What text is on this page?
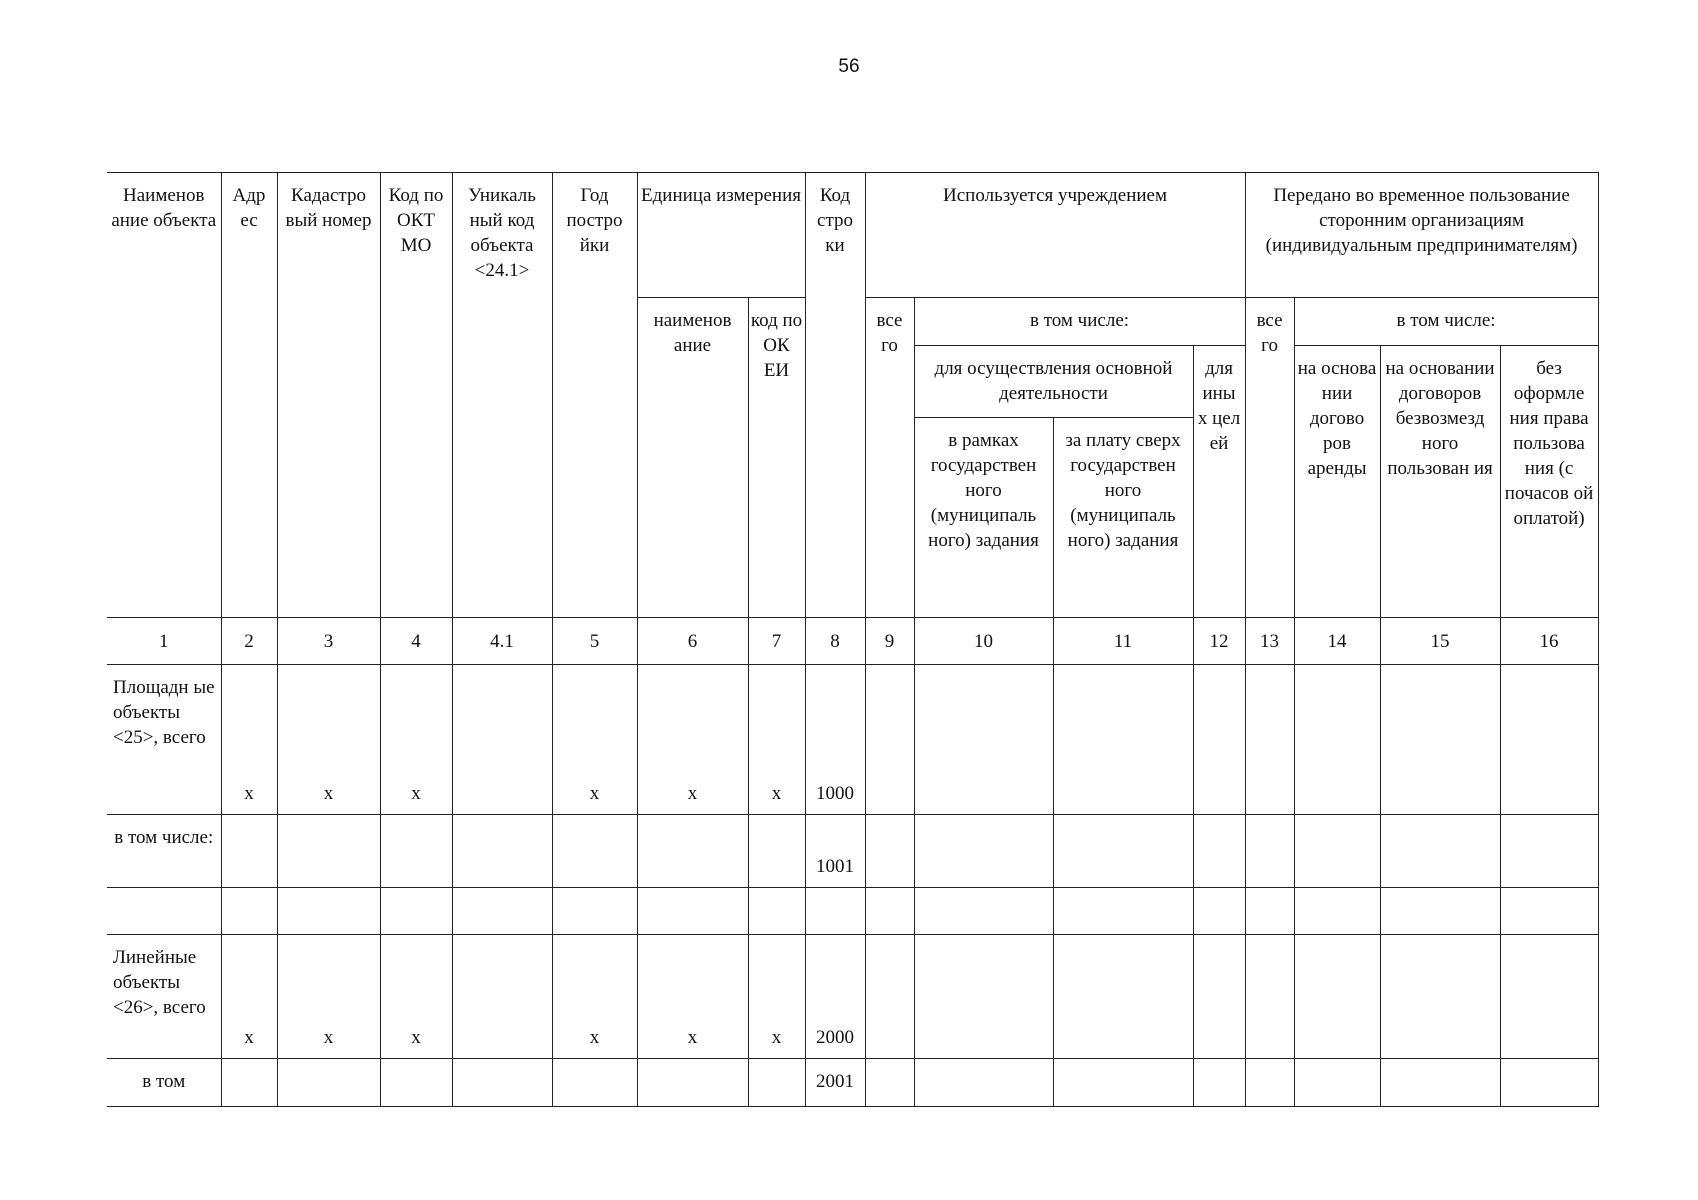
56
Наименов ание объекта	Адр ес	Кадастро вый номер	Код по ОКТ МО	Уникаль ный код объекта <24.1>	Год постро йки	Единица измерения		Код стро ки	Используется учреждением				Передано во временное пользование сторонним организациям (индивидуальным предпринимателям)			
						наименов ание	код по ОК ЕИ		все го	в том числе:			все го	в том числе:		
										для осуществления основной деятельности		для ины х цел ей		на основа нии догово ров аренды	на основании договоров безвозмезд ного пользован ия	без оформле ния права пользова ния (с почасов ой оплатой)
										в рамках государствен ного (муниципаль ного) задания	за плату сверх государствен ного (муниципаль ного) задания					
1	2	3	4	4.1	5	6	7	8	9	10	11	12	13	14	15	16
Площадн ые объекты <25>, всего	х	х	х		х	х	х	1000								
в том числе:								1001								

Линейные объекты <26>, всего	х	х	х		х	х	х	2000								
в том								2001								
